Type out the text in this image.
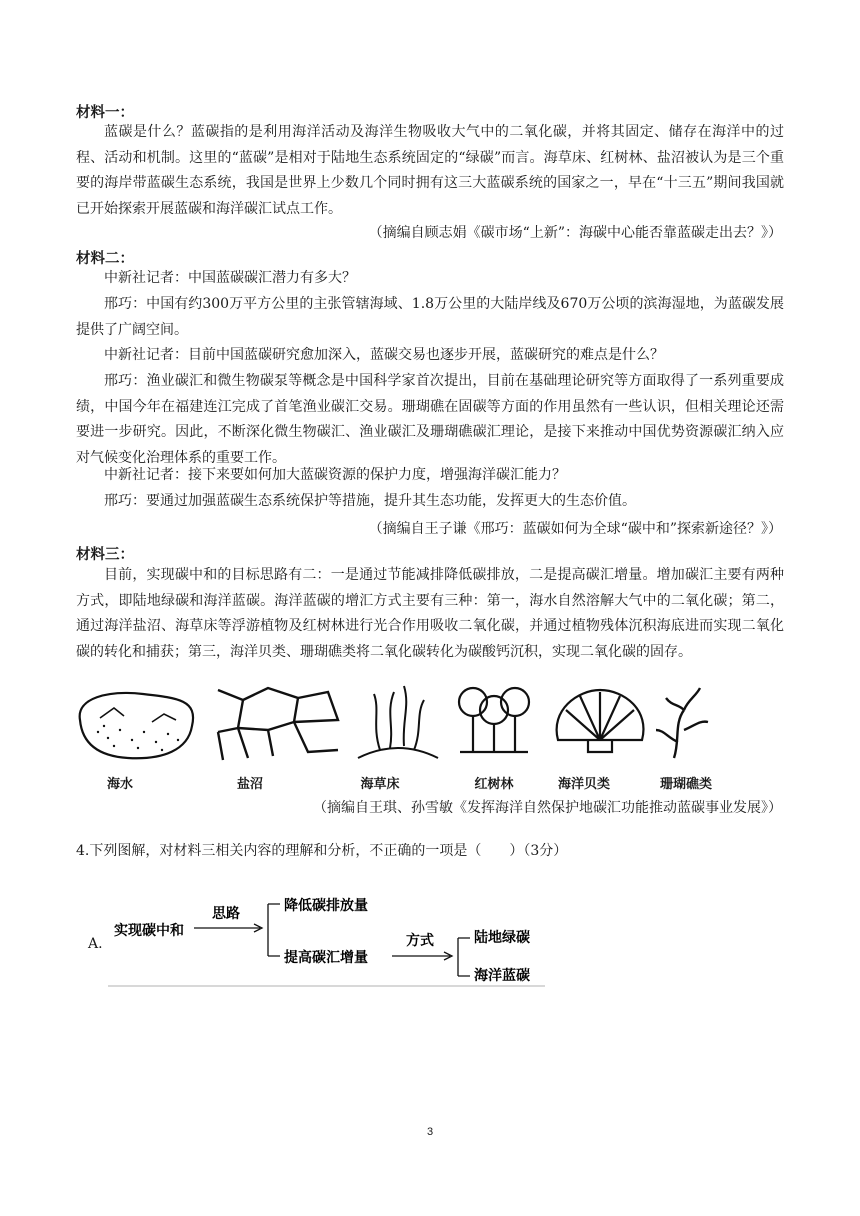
材料一：

蓝碳是什么？蓝碳指的是利用海洋活动及海洋生物吸收大气中的二氧化碳，并将其固定、储存在海洋中的过程、活动和机制。这里的“蓝碳”是相对于陆地生态系统固定的“绿碳”而言。海草床、红树林、盐沼被认为是三个重要的海岸带蓝碳生态系统，我国是世界上少数几个同时拥有这三大蓝碳系统的国家之一，早在“十三五”期间我国就已开始探索开展蓝碳和海洋碳汇试点工作。

（摘编自顾志娟《碳市场“上新”：海碳中心能否靠蓝碳走出去？》）
材料二：

中新社记者：中国蓝碳碳汇潜力有多大？

邢巧：中国有约300万平方公里的主张管辖海域、1.8万公里的大陆岸线及670万公顷的滨海湿地，为蓝碳发展提供了广阔空间。

中新社记者：目前中国蓝碳研究愈加深入，蓝碳交易也逐步开展，蓝碳研究的难点是什么？

邢巧：渔业碳汇和微生物碳泵等概念是中国科学家首次提出，目前在基础理论研究等方面取得了一系列重要成绩，中国今年在福建连江完成了首笔渔业碳汇交易。珊瑚礁在固碳等方面的作用虽然有一些认识，但相关理论还需要进一步研究。因此，不断深化微生物碳汇、渔业碳汇及珊瑚礁碳汇理论，是接下来推动中国优势资源碳汇纳入应对气候变化治理体系的重要工作。

中新社记者：接下来要如何加大蓝碳资源的保护力度，增强海洋碳汇能力？

邢巧：要通过加强蓝碳生态系统保护等措施，提升其生态功能，发挥更大的生态价值。

（摘编自王子谦《邢巧：蓝碳如何为全球“碳中和”探索新途径？》）
材料三：

目前，实现碳中和的目标思路有二：一是通过节能减排降低碳排放，二是提高碳汇增量。增加碳汇主要有两种方式，即陆地绿碳和海洋蓝碳。海洋蓝碳的增汇方式主要有三种：第一，海水自然溶解大气中的二氧化碳；第二，通过海洋盐沼、海草床等浮游植物及红树林进行光合作用吸收二氧化碳，并通过植物残体沉积海底进而实现二氧化碳的转化和捕获；第三，海洋贝类、珊瑚礁类将二氧化碳转化为碳酸钙沉积，实现二氧化碳的固存。

海水	盐沼	海草床	红树林	海洋贝类	珊瑚礁类
（摘编自王琪、孙雪敏《发挥海洋自然保护地碳汇功能推动蓝碳事业发展》）
4.下列图解，对材料三相关内容的理解和分析，不正确的一项是（　　）（3分）
A.
实现碳中和
思路	降低碳排放量
提高碳汇增量
方式	陆地绿碳
海洋蓝碳
3
